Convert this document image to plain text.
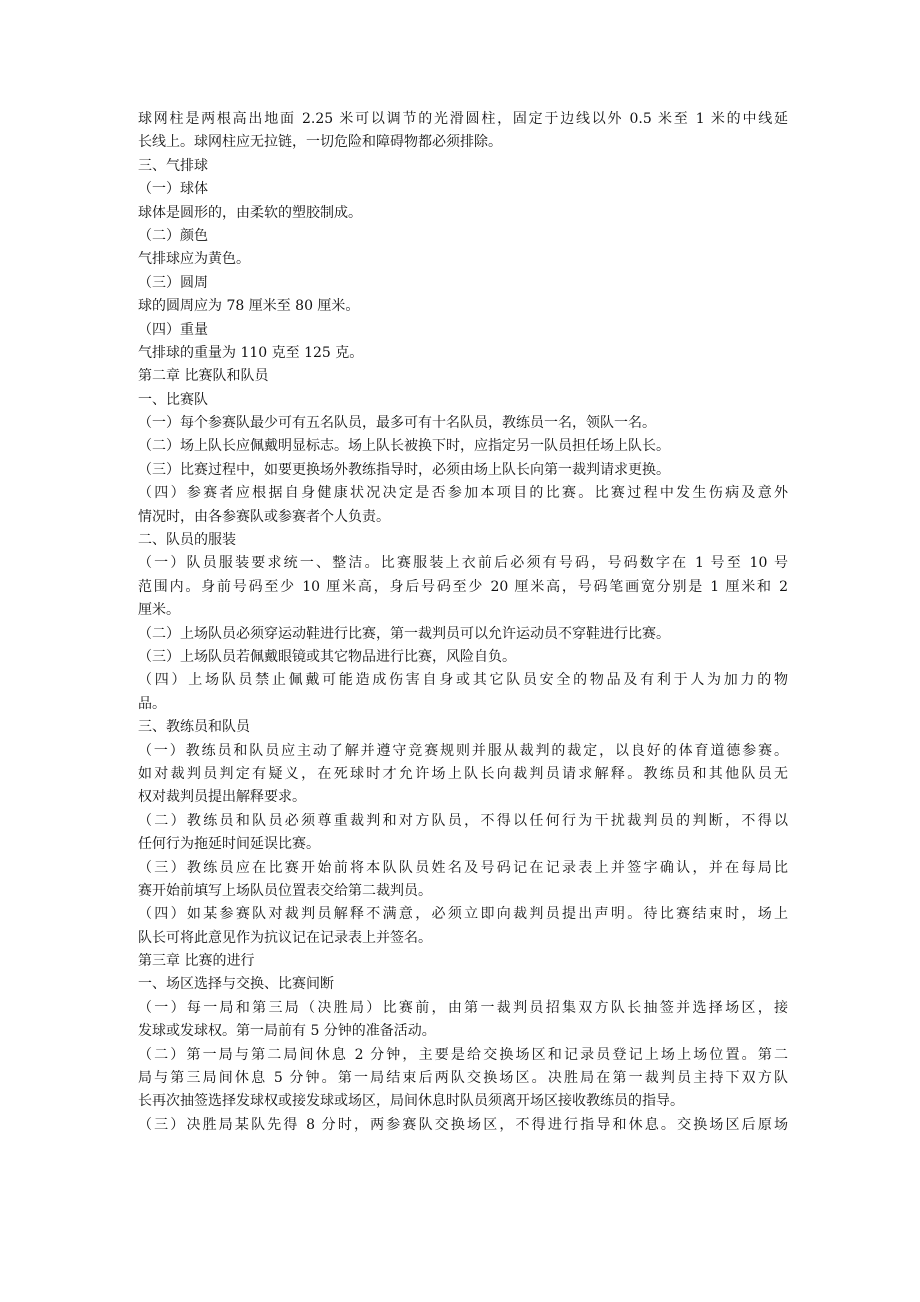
球网柱是两根高出地面 2.25 米可以调节的光滑圆柱，固定于边线以外 0.5 米至 1 米的中线延
长线上。球网柱应无拉链，一切危险和障碍物都必须排除。
三、气排球
（一）球体
球体是圆形的，由柔软的塑胶制成。
（二）颜色
气排球应为黄色。
（三）圆周
球的圆周应为 78 厘米至 80 厘米。
（四）重量
气排球的重量为 110 克至 125 克。
第二章 比赛队和队员
一、比赛队
（一）每个参赛队最少可有五名队员，最多可有十名队员，教练员一名，领队一名。
（二）场上队长应佩戴明显标志。场上队长被换下时，应指定另一队员担任场上队长。
（三）比赛过程中，如要更换场外教练指导时，必须由场上队长向第一裁判请求更换。
（四）参赛者应根据自身健康状况决定是否参加本项目的比赛。比赛过程中发生伤病及意外
情况时，由各参赛队或参赛者个人负责。
二、队员的服装
（一）队员服装要求统一、整洁。比赛服装上衣前后必须有号码，号码数字在 1 号至 10 号
范围内。身前号码至少 10 厘米高，身后号码至少 20 厘米高，号码笔画宽分别是 1 厘米和 2
厘米。
（二）上场队员必须穿运动鞋进行比赛，第一裁判员可以允许运动员不穿鞋进行比赛。
（三）上场队员若佩戴眼镜或其它物品进行比赛，风险自负。
（四）上场队员禁止佩戴可能造成伤害自身或其它队员安全的物品及有利于人为加力的物
品。
三、教练员和队员
（一）教练员和队员应主动了解并遵守竞赛规则并服从裁判的裁定，以良好的体育道德参赛。
如对裁判员判定有疑义，在死球时才允许场上队长向裁判员请求解释。教练员和其他队员无
权对裁判员提出解释要求。
（二）教练员和队员必须尊重裁判和对方队员，不得以任何行为干扰裁判员的判断，不得以
任何行为拖延时间延误比赛。
（三）教练员应在比赛开始前将本队队员姓名及号码记在记录表上并签字确认，并在每局比
赛开始前填写上场队员位置表交给第二裁判员。
（四）如某参赛队对裁判员解释不满意，必须立即向裁判员提出声明。待比赛结束时，场上
队长可将此意见作为抗议记在记录表上并签名。
第三章 比赛的进行
一、场区选择与交换、比赛间断
（一）每一局和第三局（决胜局）比赛前，由第一裁判员招集双方队长抽签并选择场区，接
发球或发球权。第一局前有 5 分钟的准备活动。
（二）第一局与第二局间休息 2 分钟，主要是给交换场区和记录员登记上场上场位置。第二
局与第三局间休息 5 分钟。第一局结束后两队交换场区。决胜局在第一裁判员主持下双方队
长再次抽签选择发球权或接发球或场区，局间休息时队员须离开场区接收教练员的指导。
（三）决胜局某队先得 8 分时，两参赛队交换场区，不得进行指导和休息。交换场区后原场
